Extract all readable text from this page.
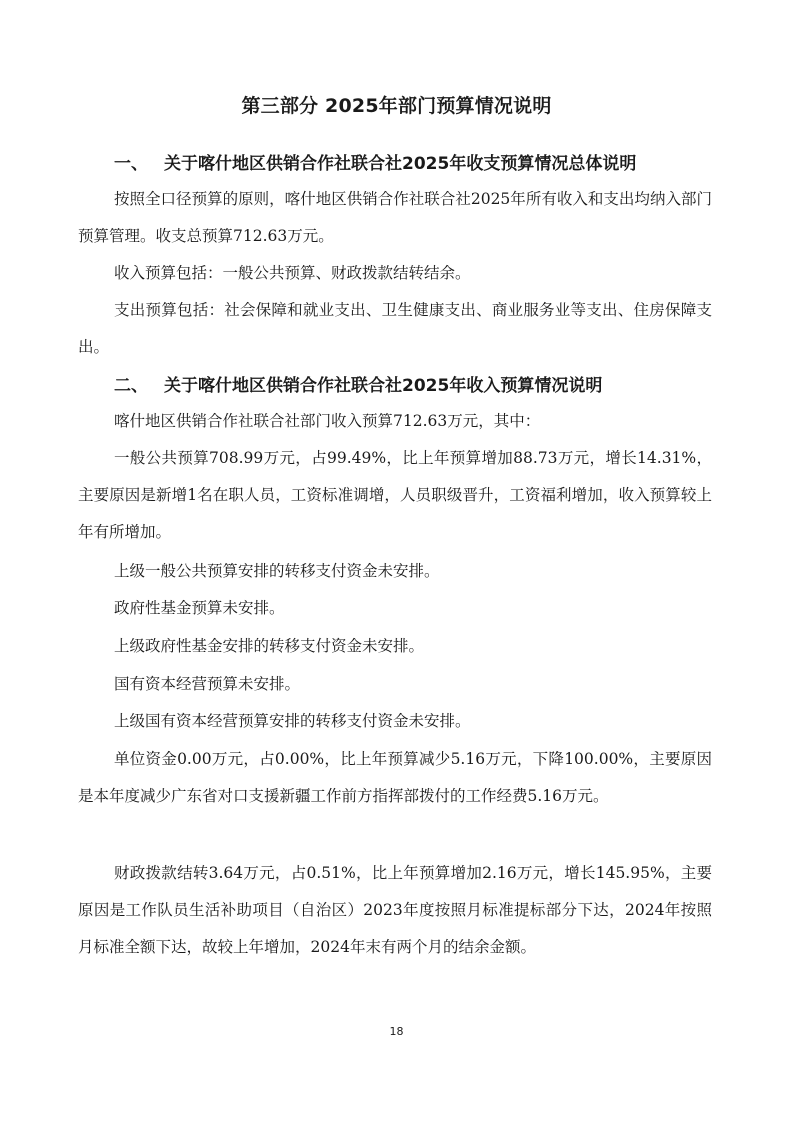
第三部分 2025年部门预算情况说明
一、 关于喀什地区供销合作社联合社2025年收支预算情况总体说明
按照全口径预算的原则，喀什地区供销合作社联合社2025年所有收入和支出均纳入部门预算管理。收支总预算712.63万元。
收入预算包括：一般公共预算、财政拨款结转结余。
支出预算包括：社会保障和就业支出、卫生健康支出、商业服务业等支出、住房保障支出。
二、 关于喀什地区供销合作社联合社2025年收入预算情况说明
喀什地区供销合作社联合社部门收入预算712.63万元，其中：
一般公共预算708.99万元，占99.49%，比上年预算增加88.73万元，增长14.31%，主要原因是新增1名在职人员，工资标准调增，人员职级晋升，工资福利增加，收入预算较上年有所增加。
上级一般公共预算安排的转移支付资金未安排。
政府性基金预算未安排。
上级政府性基金安排的转移支付资金未安排。
国有资本经营预算未安排。
上级国有资本经营预算安排的转移支付资金未安排。
单位资金0.00万元，占0.00%，比上年预算减少5.16万元，下降100.00%，主要原因是本年度减少广东省对口支援新疆工作前方指挥部拨付的工作经费5.16万元。
财政拨款结转3.64万元，占0.51%，比上年预算增加2.16万元，增长145.95%，主要原因是工作队员生活补助项目（自治区）2023年度按照月标准提标部分下达，2024年按照月标准全额下达，故较上年增加，2024年末有两个月的结余金额。
18
